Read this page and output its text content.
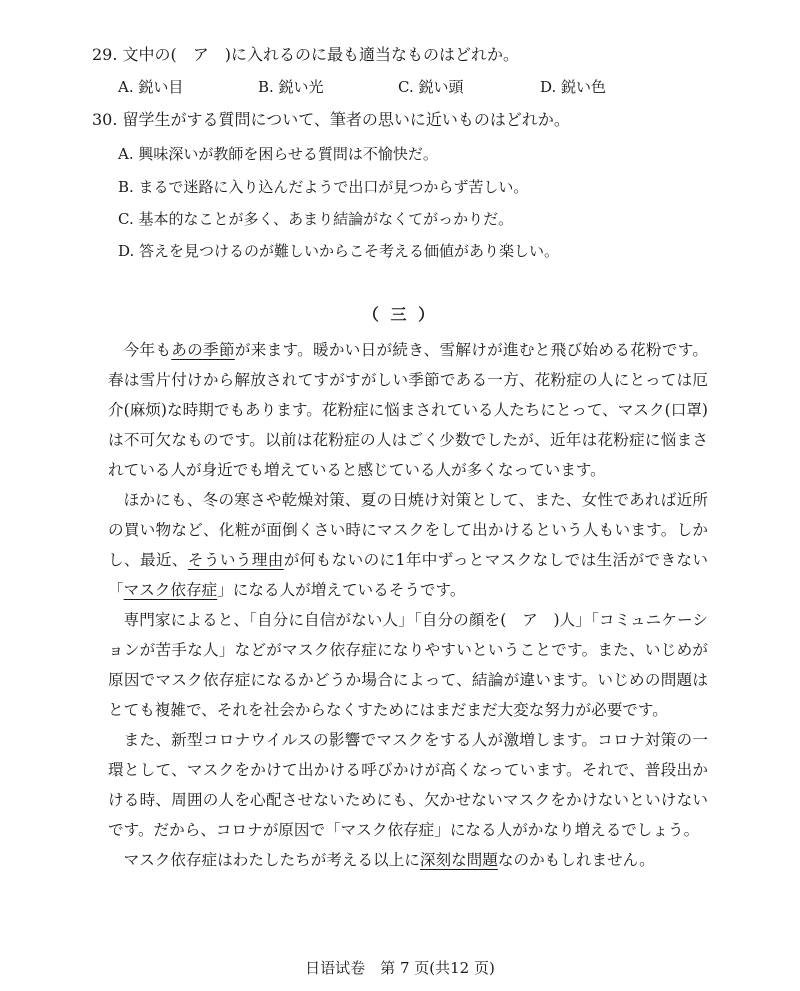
29. 文中の(　ア　)に入れるのに最も適当なものはどれか。
A. 鋭い目	B. 鋭い光	C. 鋭い頭	D. 鋭い色
30. 留学生がする質問について、筆者の思いに近いものはどれか。
A. 興味深いが教師を困らせる質問は不愉快だ。
B. まるで迷路に入り込んだようで出口が見つからず苦しい。
C. 基本的なことが多く、あまり結論がなくてがっかりだ。
D. 答えを見つけるのが難しいからこそ考える価値があり楽しい。
（ 三 ）

今年もあの季節が来ます。暖かい日が続き、雪解けが進むと飛び始める花粉です。春は雪片付けから解放されてすがすがしい季節である一方、花粉症の人にとっては厄介(麻烦)な時期でもあります。花粉症に悩まされている人たちにとって、マスク(口罩)は不可欠なものです。以前は花粉症の人はごく少数でしたが、近年は花粉症に悩まされている人が身近でも増えていると感じている人が多くなっています。

ほかにも、冬の寒さや乾燥対策、夏の日焼け対策として、また、女性であれば近所の買い物など、化粧が面倒くさい時にマスクをして出かけるという人もいます。しかし、最近、そういう理由が何もないのに1年中ずっとマスクなしでは生活ができない「マスク依存症」になる人が増えているそうです。

専門家によると、「自分に自信がない人」「自分の顔を(　ア　)人」「コミュニケーションが苦手な人」などがマスク依存症になりやすいということです。また、いじめが原因でマスク依存症になるかどうか場合によって、結論が違います。いじめの問題はとても複雑で、それを社会からなくすためにはまだまだ大変な努力が必要です。

また、新型コロナウイルスの影響でマスクをする人が激増します。コロナ対策の一環として、マスクをかけて出かける呼びかけが高くなっています。それで、普段出かける時、周囲の人を心配させないためにも、欠かせないマスクをかけないといけないです。だから、コロナが原因で「マスク依存症」になる人がかなり増えるでしょう。

マスク依存症はわたしたちが考える以上に深刻な問題なのかもしれません。

日语试卷　第 7 页(共12 页)
